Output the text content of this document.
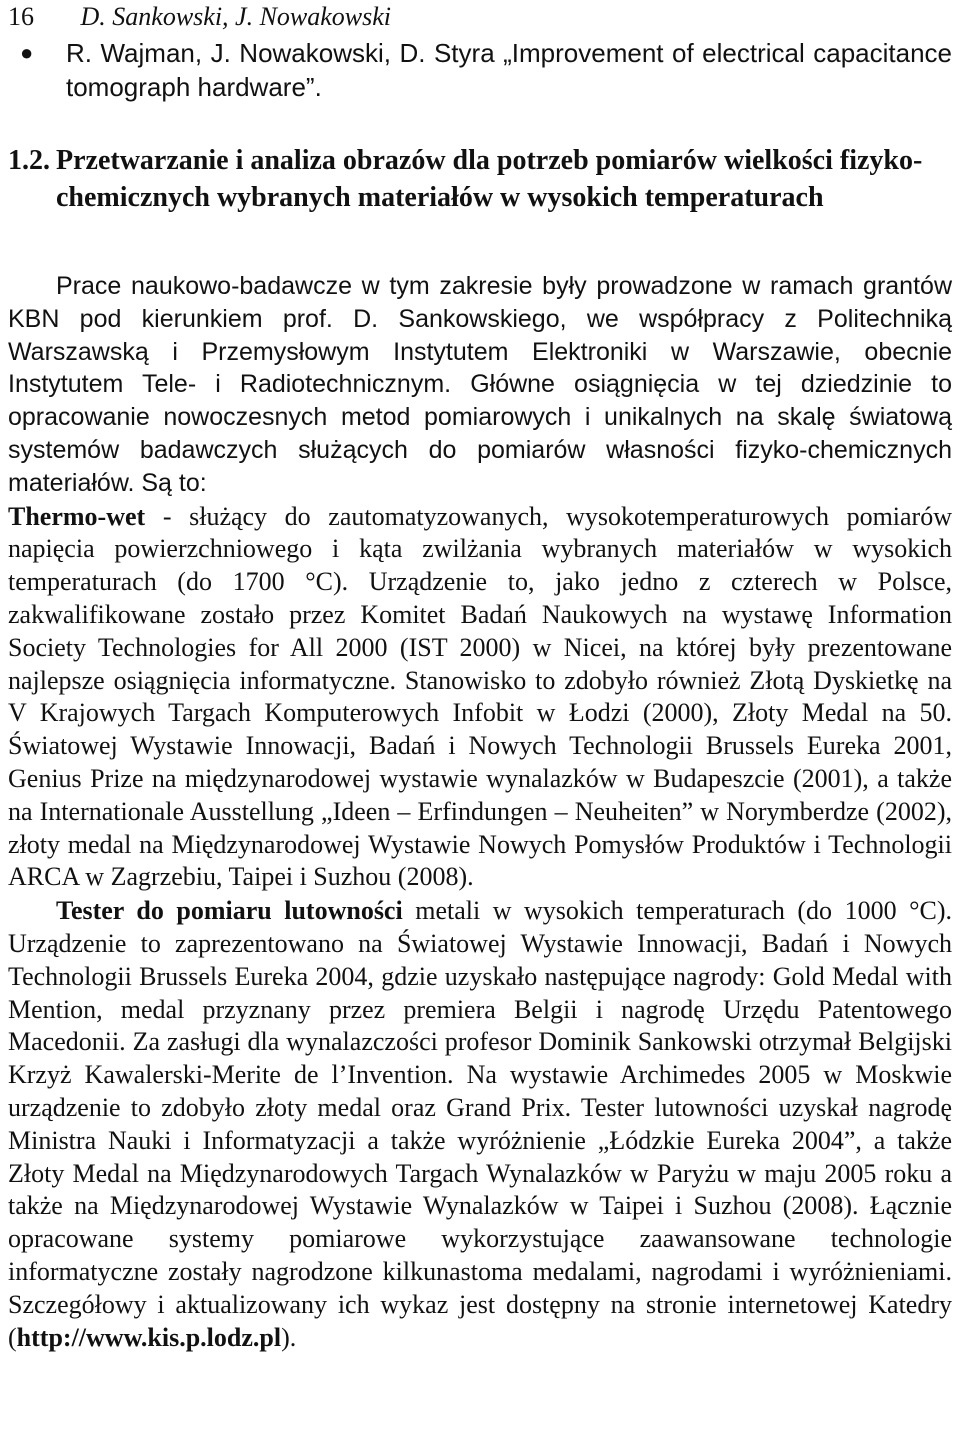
16 D. Sankowski, J. Nowakowski
●	R. Wajman, J. Nowakowski, D. Styra „Improvement of electrical capacitance tomograph hardware”.
1.2. Przetwarzanie i analiza obrazów dla potrzeb pomiarów wielkości fizyko-chemicznych wybranych materiałów w wysokich temperaturach

Prace naukowo-badawcze w tym zakresie były prowadzone w ramach grantów KBN pod kierunkiem prof. D. Sankowskiego, we współpracy z Politechniką Warszawską i Przemysłowym Instytutem Elektroniki w Warszawie, obecnie Instytutem Tele- i Radiotechnicznym. Główne osiągnięcia w tej dziedzinie to opracowanie nowoczesnych metod pomiarowych i unikalnych na skalę światową systemów badawczych służących do pomiarów własności fizyko-chemicznych materiałów. Są to:

Thermo-wet - służący do zautomatyzowanych, wysokotemperaturowych pomiarów napięcia powierzchniowego i kąta zwilżania wybranych materiałów w wysokich temperaturach (do 1700 °C). Urządzenie to, jako jedno z czterech w Polsce, zakwalifikowane zostało przez Komitet Badań Naukowych na wystawę Information Society Technologies for All 2000 (IST 2000) w Nicei, na której były prezentowane najlepsze osiągnięcia informatyczne. Stanowisko to zdobyło również Złotą Dyskietkę na V Krajowych Targach Komputerowych Infobit w Łodzi (2000), Złoty Medal na 50. Światowej Wystawie Innowacji, Badań i Nowych Technologii Brussels Eureka 2001, Genius Prize na międzynarodowej wystawie wynalazków w Budapeszcie (2001), a także na Internationale Ausstellung „Ideen – Erfindungen – Neuheiten” w Norymberdze (2002), złoty medal na Międzynarodowej Wystawie Nowych Pomysłów Produktów i Technologii ARCA w Zagrzebiu, Taipei i Suzhou (2008).

Tester do pomiaru lutowności metali w wysokich temperaturach (do 1000 °C). Urządzenie to zaprezentowano na Światowej Wystawie Innowacji, Badań i Nowych Technologii Brussels Eureka 2004, gdzie uzyskało następujące nagrody: Gold Medal with Mention, medal przyznany przez premiera Belgii i nagrodę Urzędu Patentowego Macedonii. Za zasługi dla wynalazczości profesor Dominik Sankowski otrzymał Belgijski Krzyż Kawalerski-Merite de l’Invention. Na wystawie Archimedes 2005 w Moskwie urządzenie to zdobyło złoty medal oraz Grand Prix. Tester lutowności uzyskał nagrodę Ministra Nauki i Informatyzacji a także wyróżnienie „Łódzkie Eureka 2004”, a także Złoty Medal na Międzynarodowych Targach Wynalazków w Paryżu w maju 2005 roku a także na Międzynarodowej Wystawie Wynalazków w Taipei i Suzhou (2008). Łącznie opracowane systemy pomiarowe wykorzystujące zaawansowane technologie informatyczne zostały nagrodzone kilkunastoma medalami, nagrodami i wyróżnieniami. Szczegółowy i aktualizowany ich wykaz jest dostępny na stronie internetowej Katedry (http://www.kis.p.lodz.pl).
